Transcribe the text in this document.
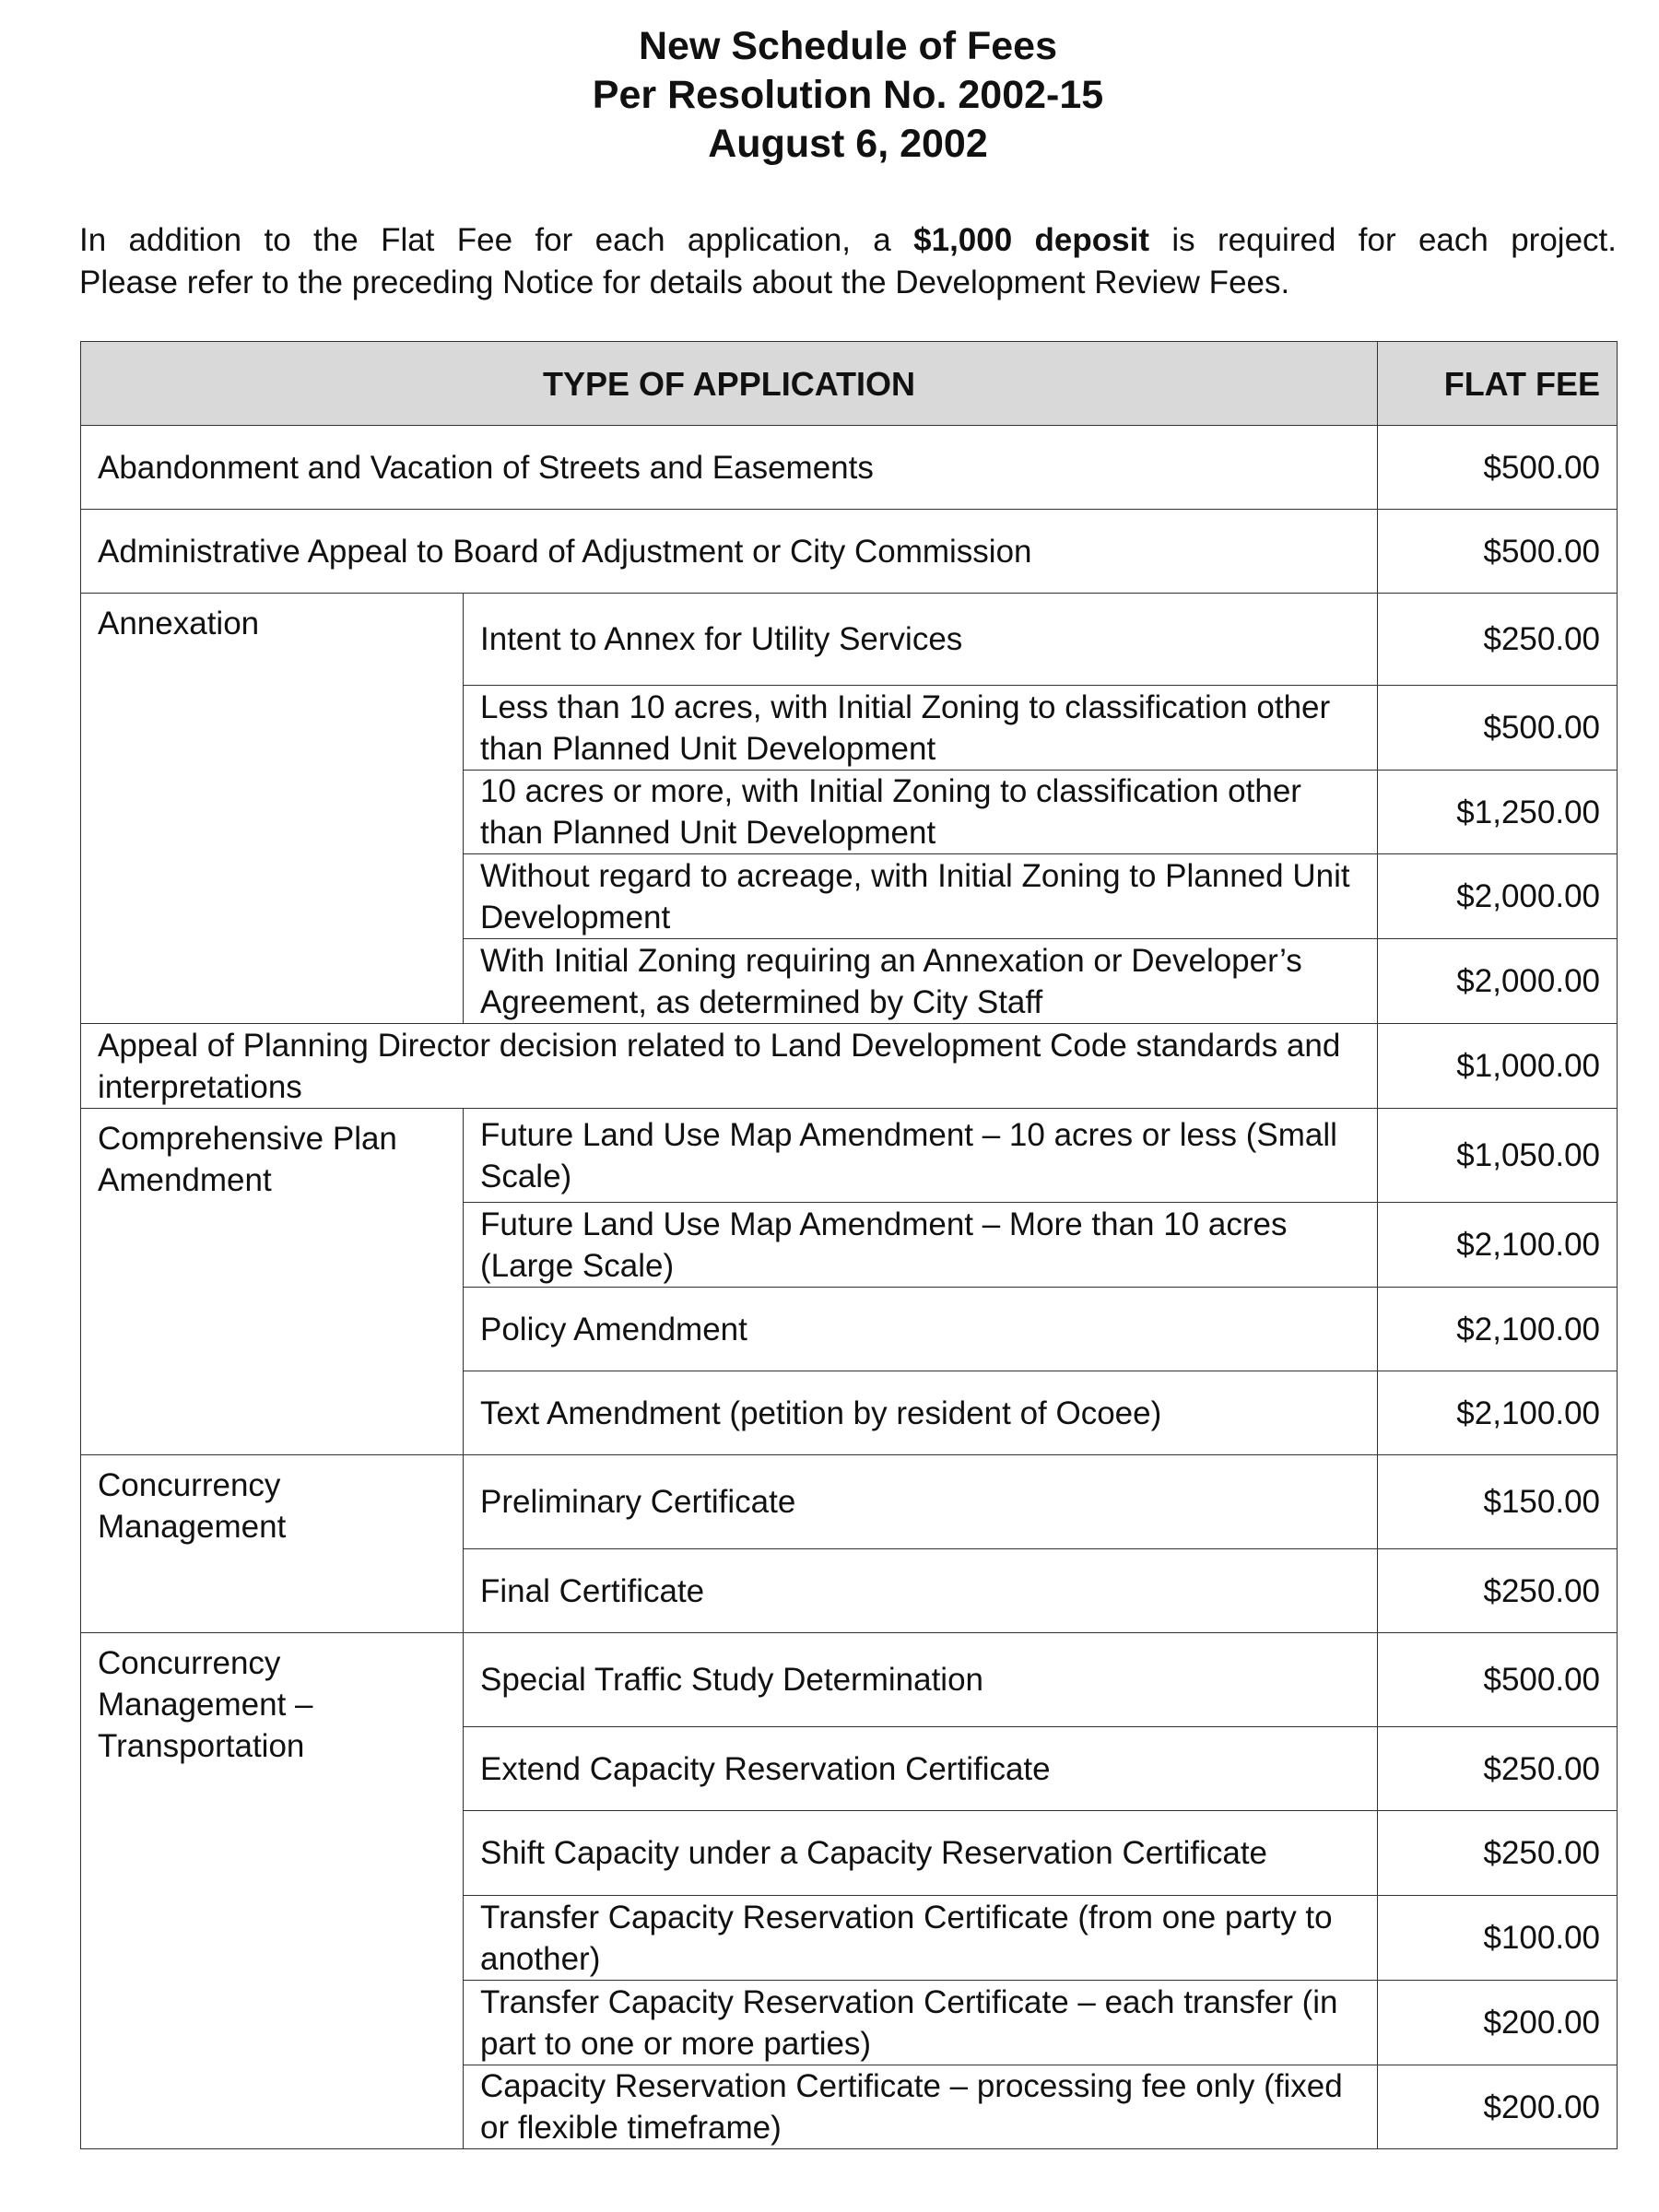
New Schedule of Fees
Per Resolution No. 2002-15
August 6, 2002

In addition to the Flat Fee for each application, a $1,000 deposit is required for each project.

Please refer to the preceding Notice for details about the Development Review Fees.

TYPE OF APPLICATION		FLAT FEE
Abandonment and Vacation of Streets and Easements		$500.00
Administrative Appeal to Board of Adjustment or City Commission		$500.00
Annexation	Intent to Annex for Utility Services	$250.00
	Less than 10 acres, with Initial Zoning to classification other than Planned Unit Development	$500.00
	10 acres or more, with Initial Zoning to classification other than Planned Unit Development	$1,250.00
	Without regard to acreage, with Initial Zoning to Planned Unit Development	$2,000.00
	With Initial Zoning requiring an Annexation or Developer’s Agreement, as determined by City Staff	$2,000.00
Appeal of Planning Director decision related to Land Development Code standards and interpretations		$1,000.00
Comprehensive Plan Amendment	Future Land Use Map Amendment – 10 acres or less (Small Scale)	$1,050.00
	Future Land Use Map Amendment – More than 10 acres (Large Scale)	$2,100.00
	Policy Amendment	$2,100.00
	Text Amendment (petition by resident of Ocoee)	$2,100.00
Concurrency Management	Preliminary Certificate	$150.00
	Final Certificate	$250.00
Concurrency Management – Transportation	Special Traffic Study Determination	$500.00
	Extend Capacity Reservation Certificate	$250.00
	Shift Capacity under a Capacity Reservation Certificate	$250.00
	Transfer Capacity Reservation Certificate (from one party to another)	$100.00
	Transfer Capacity Reservation Certificate – each transfer (in part to one or more parties)	$200.00
	Capacity Reservation Certificate – processing fee only (fixed or flexible timeframe)	$200.00
